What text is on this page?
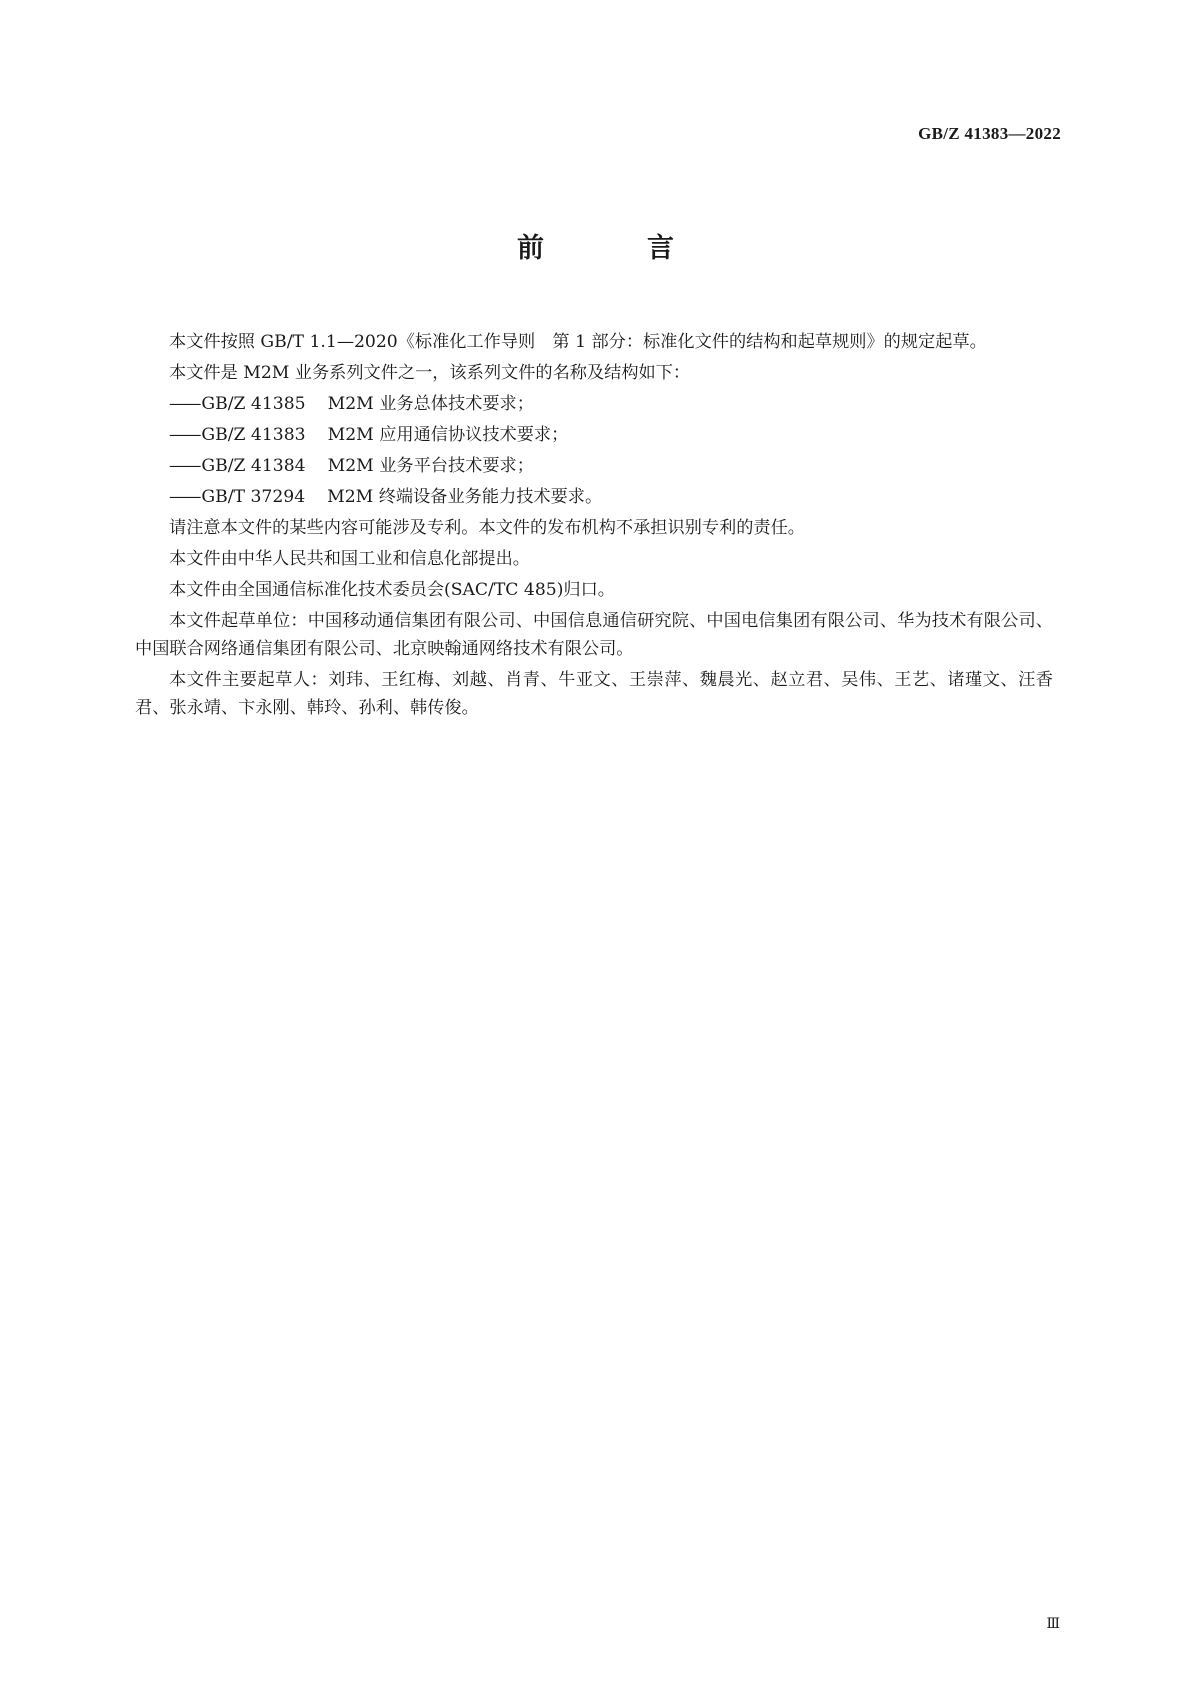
GB/Z 41383—2022
前　言

本文件按照 GB/T 1.1—2020《标准化工作导则　第 1 部分：标准化文件的结构和起草规则》的规定起草。

本文件是 M2M 业务系列文件之一，该系列文件的名称及结构如下：

—— GB/Z 41385 M2M 业务总体技术要求；
—— GB/Z 41383 M2M 应用通信协议技术要求；
—— GB/Z 41384 M2M 业务平台技术要求；
—— GB/T 37294 M2M 终端设备业务能力技术要求。

请注意本文件的某些内容可能涉及专利。本文件的发布机构不承担识别专利的责任。

本文件由中华人民共和国工业和信息化部提出。

本文件由全国通信标准化技术委员会(SAC/TC 485)归口。

本文件起草单位：中国移动通信集团有限公司、中国信息通信研究院、中国电信集团有限公司、华为技术有限公司、中国联合网络通信集团有限公司、北京映翰通网络技术有限公司。

本文件主要起草人：刘玮、王红梅、刘越、肖青、牛亚文、王崇萍、魏晨光、赵立君、吴伟、王艺、诸瑾文、汪香君、张永靖、卞永刚、韩玲、孙利、韩传俊。

Ⅲ
